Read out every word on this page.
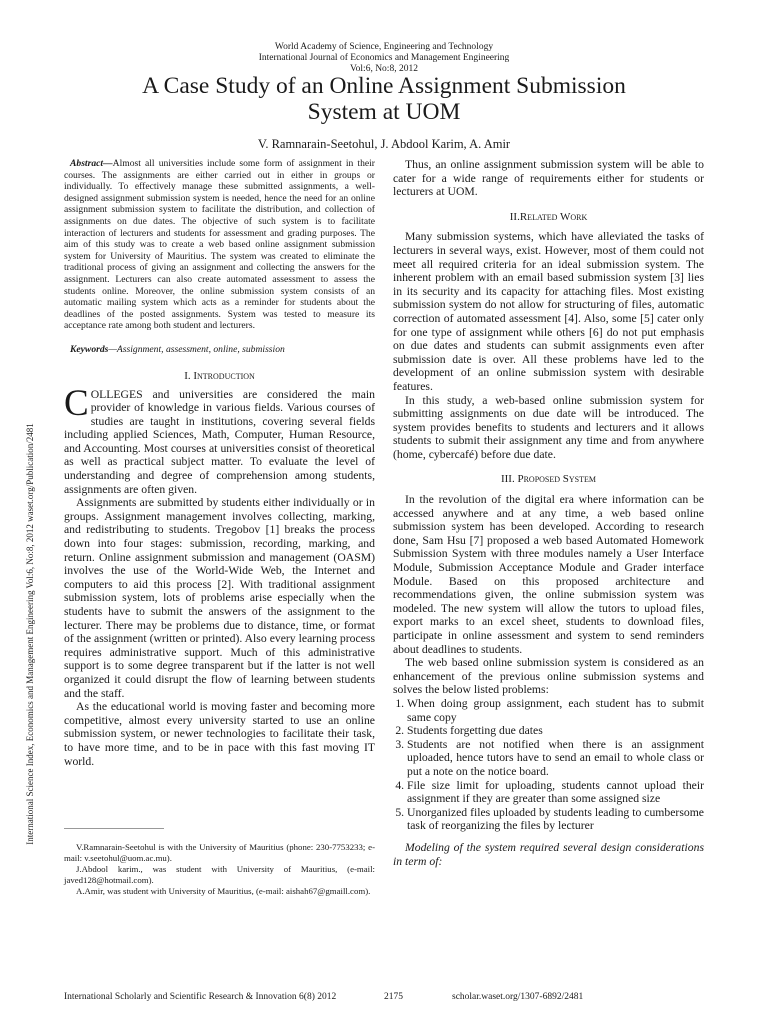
World Academy of Science, Engineering and Technology
International Journal of Economics and Management Engineering
Vol:6, No:8, 2012
A Case Study of an Online Assignment Submission
System at UOM
V. Ramnarain-Seetohul, J. Abdool Karim, A. Amir
International Science Index, Economics and Management Engineering Vol:6, No:8, 2012 waset.org/Publication/2481

Abstract—Almost all universities include some form of assignment in their courses. The assignments are either carried out in either in groups or individually. To effectively manage these submitted assignments, a well-designed assignment submission system is needed, hence the need for an online assignment submission system to facilitate the distribution, and collection of assignments on due dates. The objective of such system is to facilitate interaction of lecturers and students for assessment and grading purposes. The aim of this study was to create a web based online assignment submission system for University of Mauritius. The system was created to eliminate the traditional process of giving an assignment and collecting the answers for the assignment. Lecturers can also create automated assessment to assess the students online. Moreover, the online submission system consists of an automatic mailing system which acts as a reminder for students about the deadlines of the posted assignments. System was tested to measure its acceptance rate among both student and lecturers.

Keywords—Assignment, assessment, online, submission

I. Introduction

COLLEGES and universities are considered the main provider of knowledge in various fields. Various courses of studies are taught in institutions, covering several fields including applied Sciences, Math, Computer, Human Resource, and Accounting. Most courses at universities consist of theoretical as well as practical subject matter. To evaluate the level of understanding and degree of comprehension among students, assignments are often given.

Assignments are submitted by students either individually or in groups. Assignment management involves collecting, marking, and redistributing to students. Tregobov [1] breaks the process down into four stages: submission, recording, marking, and return. Online assignment submission and management (OASM) involves the use of the World-Wide Web, the Internet and computers to aid this process [2]. With traditional assignment submission system, lots of problems arise especially when the students have to submit the answers of the assignment to the lecturer. There may be problems due to distance, time, or format of the assignment (written or printed). Also every learning process requires administrative support. Much of this administrative support is to some degree transparent but if the latter is not well organized it could disrupt the flow of learning between students and the staff.

As the educational world is moving faster and becoming more competitive, almost every university started to use an online submission system, or newer technologies to facilitate their task, to have more time, and to be in pace with this fast moving IT world.

V.Ramnarain-Seetohul is with the University of Mauritius (phone: 230-7753233; e-mail: v.seetohul@uom.ac.mu).

J.Abdool karim., was student with University of Mauritius, (e-mail: javed128@hotmail.com).

A.Amir, was student with University of Mauritius, (e-mail: aishah67@gmaill.com).

Thus, an online assignment submission system will be able to cater for a wide range of requirements either for students or lecturers at UOM.

II.Related Work

Many submission systems, which have alleviated the tasks of lecturers in several ways, exist. However, most of them could not meet all required criteria for an ideal submission system. The inherent problem with an email based submission system [3] lies in its security and its capacity for attaching files. Most existing submission system do not allow for structuring of files, automatic correction of automated assessment [4]. Also, some [5] cater only for one type of assignment while others [6] do not put emphasis on due dates and students can submit assignments even after submission date is over. All these problems have led to the development of an online submission system with desirable features.

In this study, a web-based online submission system for submitting assignments on due date will be introduced. The system provides benefits to students and lecturers and it allows students to submit their assignment any time and from anywhere (home, cybercafé) before due date.

III. Proposed System

In the revolution of the digital era where information can be accessed anywhere and at any time, a web based online submission system has been developed. According to research done, Sam Hsu [7] proposed a web based Automated Homework Submission System with three modules namely a User Interface Module, Submission Acceptance Module and Grader interface Module. Based on this proposed architecture and recommendations given, the online submission system was modeled. The new system will allow the tutors to upload files, export marks to an excel sheet, students to download files, participate in online assessment and system to send reminders about deadlines to students.

The web based online submission system is considered as an enhancement of the previous online submission systems and solves the below listed problems:

1. When doing group assignment, each student has to submit same copy
2. Students forgetting due dates
3. Students are not notified when there is an assignment uploaded, hence tutors have to send an email to whole class or put a note on the notice board.
4. File size limit for uploading, students cannot upload their assignment if they are greater than some assigned size
5. Unorganized files uploaded by students leading to cumbersome task of reorganizing the files by lecturer

Modeling of the system required several design considerations in term of:

International Scholarly and Scientific Research & Innovation 6(8) 2012	2175	scholar.waset.org/1307-6892/2481
